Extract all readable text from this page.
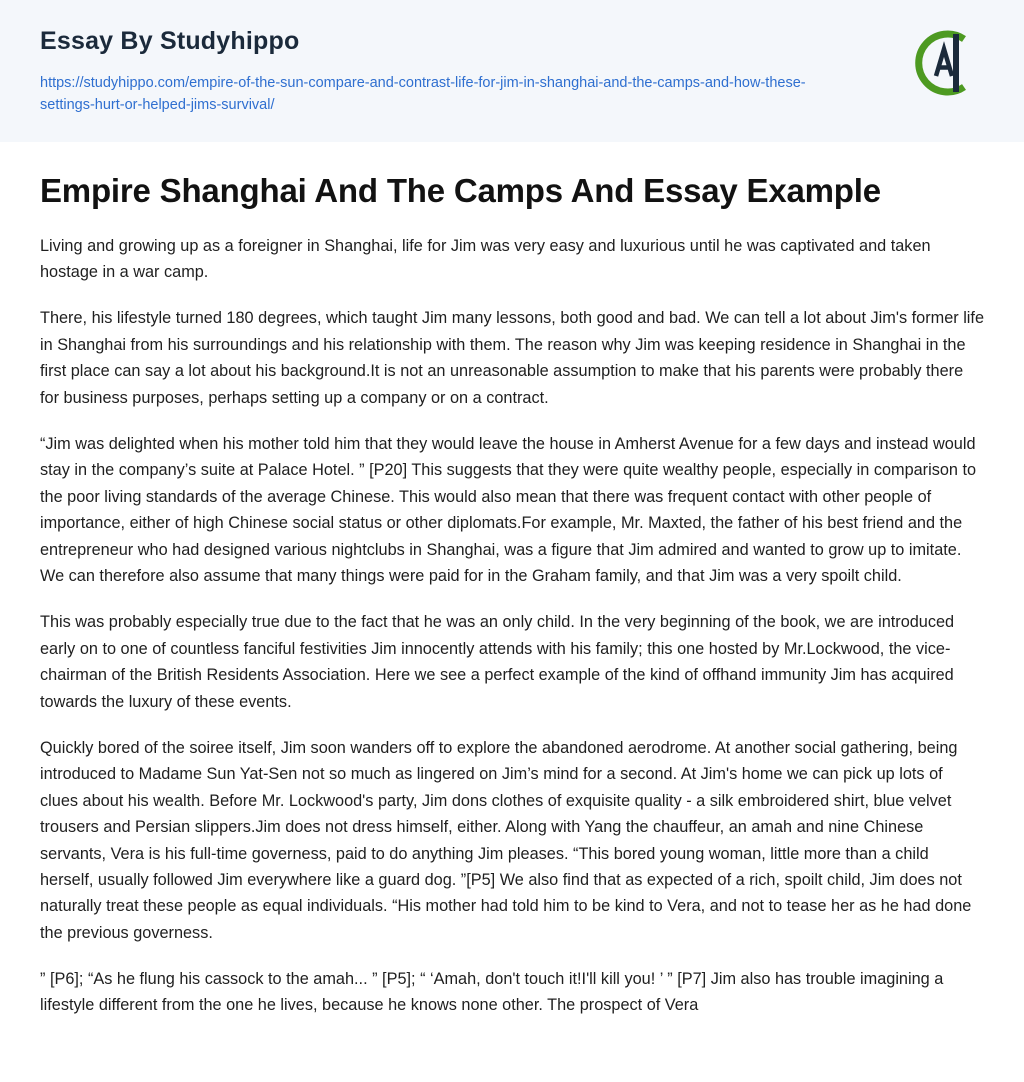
Essay By Studyhippo
https://studyhippo.com/empire-of-the-sun-compare-and-contrast-life-for-jim-in-shanghai-and-the-camps-and-how-these-settings-hurt-or-helped-jims-survival/
Empire Shanghai And The Camps And Essay Example

Living and growing up as a foreigner in Shanghai, life for Jim was very easy and luxurious until he was captivated and taken hostage in a war camp.

There, his lifestyle turned 180 degrees, which taught Jim many lessons, both good and bad. We can tell a lot about Jim's former life in Shanghai from his surroundings and his relationship with them. The reason why Jim was keeping residence in Shanghai in the first place can say a lot about his background.It is not an unreasonable assumption to make that his parents were probably there for business purposes, perhaps setting up a company or on a contract.

“Jim was delighted when his mother told him that they would leave the house in Amherst Avenue for a few days and instead would stay in the company’s suite at Palace Hotel. ” [P20] This suggests that they were quite wealthy people, especially in comparison to the poor living standards of the average Chinese. This would also mean that there was frequent contact with other people of importance, either of high Chinese social status or other diplomats.For example, Mr. Maxted, the father of his best friend and the entrepreneur who had designed various nightclubs in Shanghai, was a figure that Jim admired and wanted to grow up to imitate. We can therefore also assume that many things were paid for in the Graham family, and that Jim was a very spoilt child.

This was probably especially true due to the fact that he was an only child. In the very beginning of the book, we are introduced early on to one of countless fanciful festivities Jim innocently attends with his family; this one hosted by Mr.Lockwood, the vice-chairman of the British Residents Association. Here we see a perfect example of the kind of offhand immunity Jim has acquired towards the luxury of these events.

Quickly bored of the soiree itself, Jim soon wanders off to explore the abandoned aerodrome. At another social gathering, being introduced to Madame Sun Yat-Sen not so much as lingered on Jim’s mind for a second. At Jim's home we can pick up lots of clues about his wealth. Before Mr. Lockwood's party, Jim dons clothes of exquisite quality - a silk embroidered shirt, blue velvet trousers and Persian slippers.Jim does not dress himself, either. Along with Yang the chauffeur, an amah and nine Chinese servants, Vera is his full-time governess, paid to do anything Jim pleases. “This bored young woman, little more than a child herself, usually followed Jim everywhere like a guard dog. ”[P5] We also find that as expected of a rich, spoilt child, Jim does not naturally treat these people as equal individuals. “His mother had told him to be kind to Vera, and not to tease her as he had done the previous governess.

” [P6]; “As he flung his cassock to the amah... ” [P5]; “ ‘Amah, don't touch it!I'll kill you! ’ ” [P7] Jim also has trouble imagining a lifestyle different from the one he lives, because he knows none other. The prospect of Vera
